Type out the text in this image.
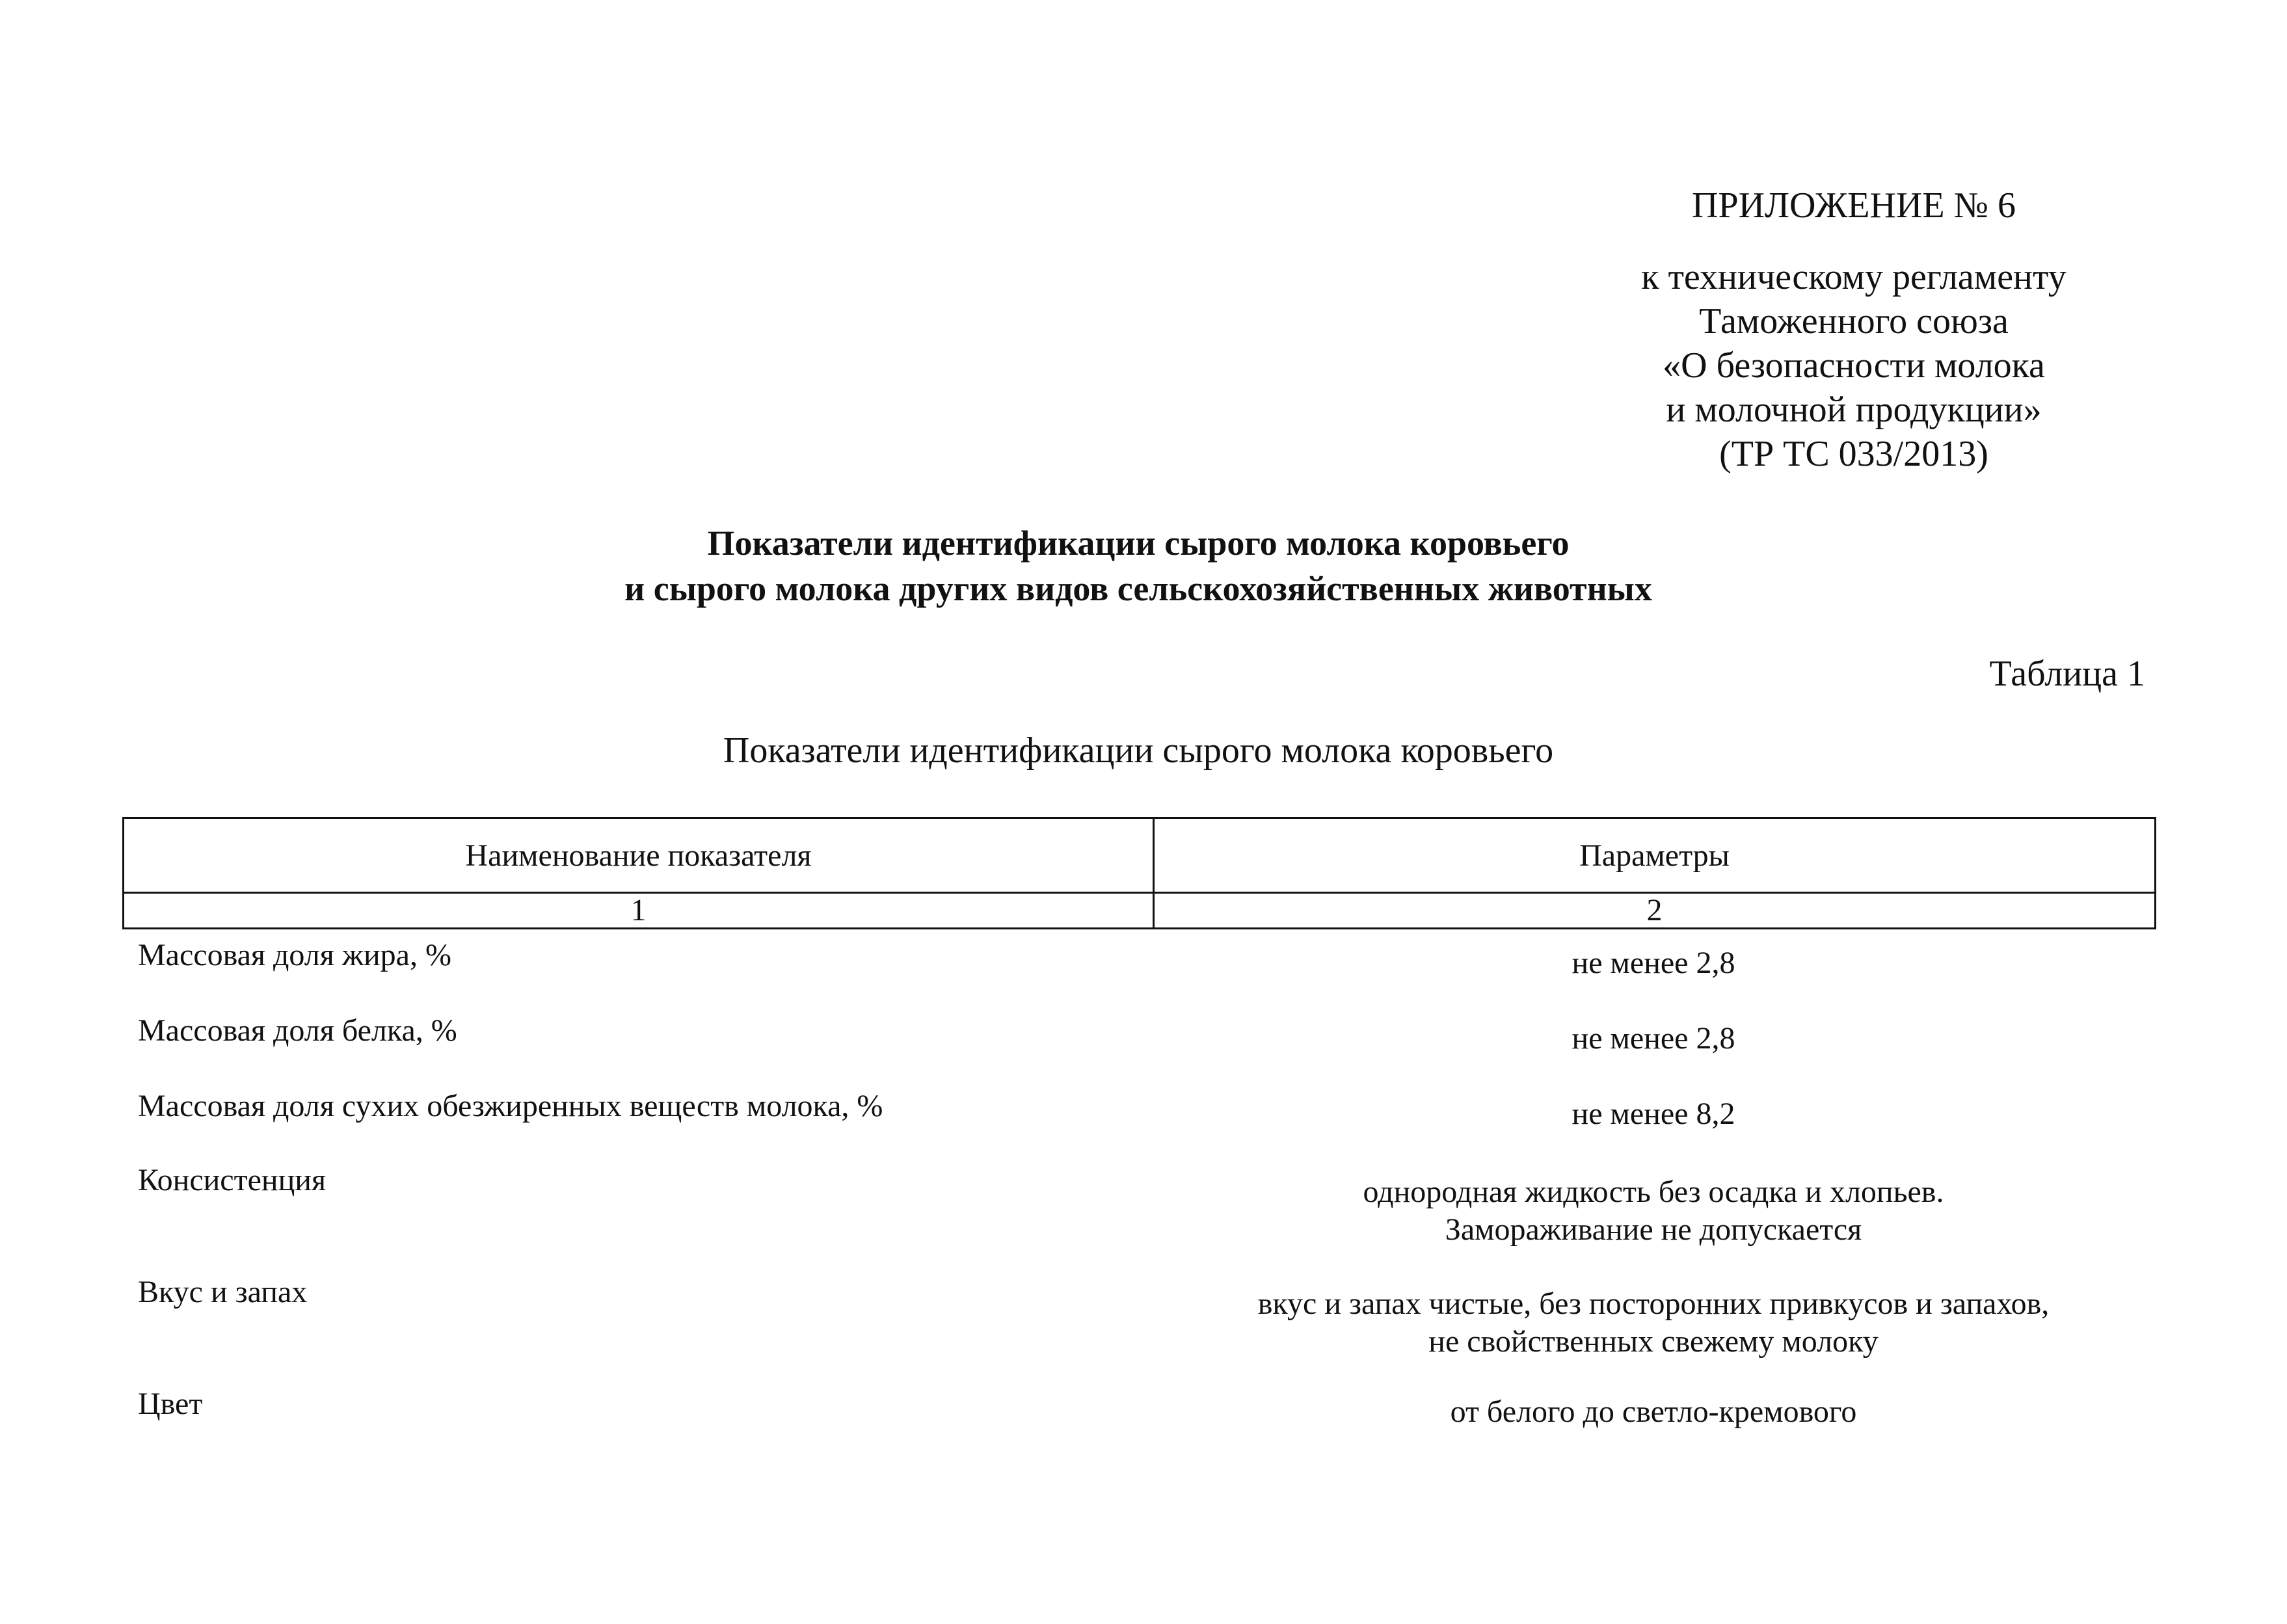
ПРИЛОЖЕНИЕ № 6

к техническому регламенту

Таможенного союза

«О безопасности молока

и молочной продукции»

(ТР ТС 033/2013)

Показатели идентификации сырого молока коровьего
и сырого молока других видов сельскохозяйственных животных
Таблица 1
Показатели идентификации сырого молока коровьего
Наименование показателя	Параметры
1	2
Массовая доля жира, %	не менее 2,8
Массовая доля белка, %	не менее 2,8
Массовая доля сухих обезжиренных веществ молока, %	не менее 8,2
Консистенция	однородная жидкость без осадка и хлопьев.
Замораживание не допускается
Вкус и запах	вкус и запах чистые, без посторонних привкусов и запахов,
не свойственных свежему молоку
Цвет	от белого до светло-кремового
